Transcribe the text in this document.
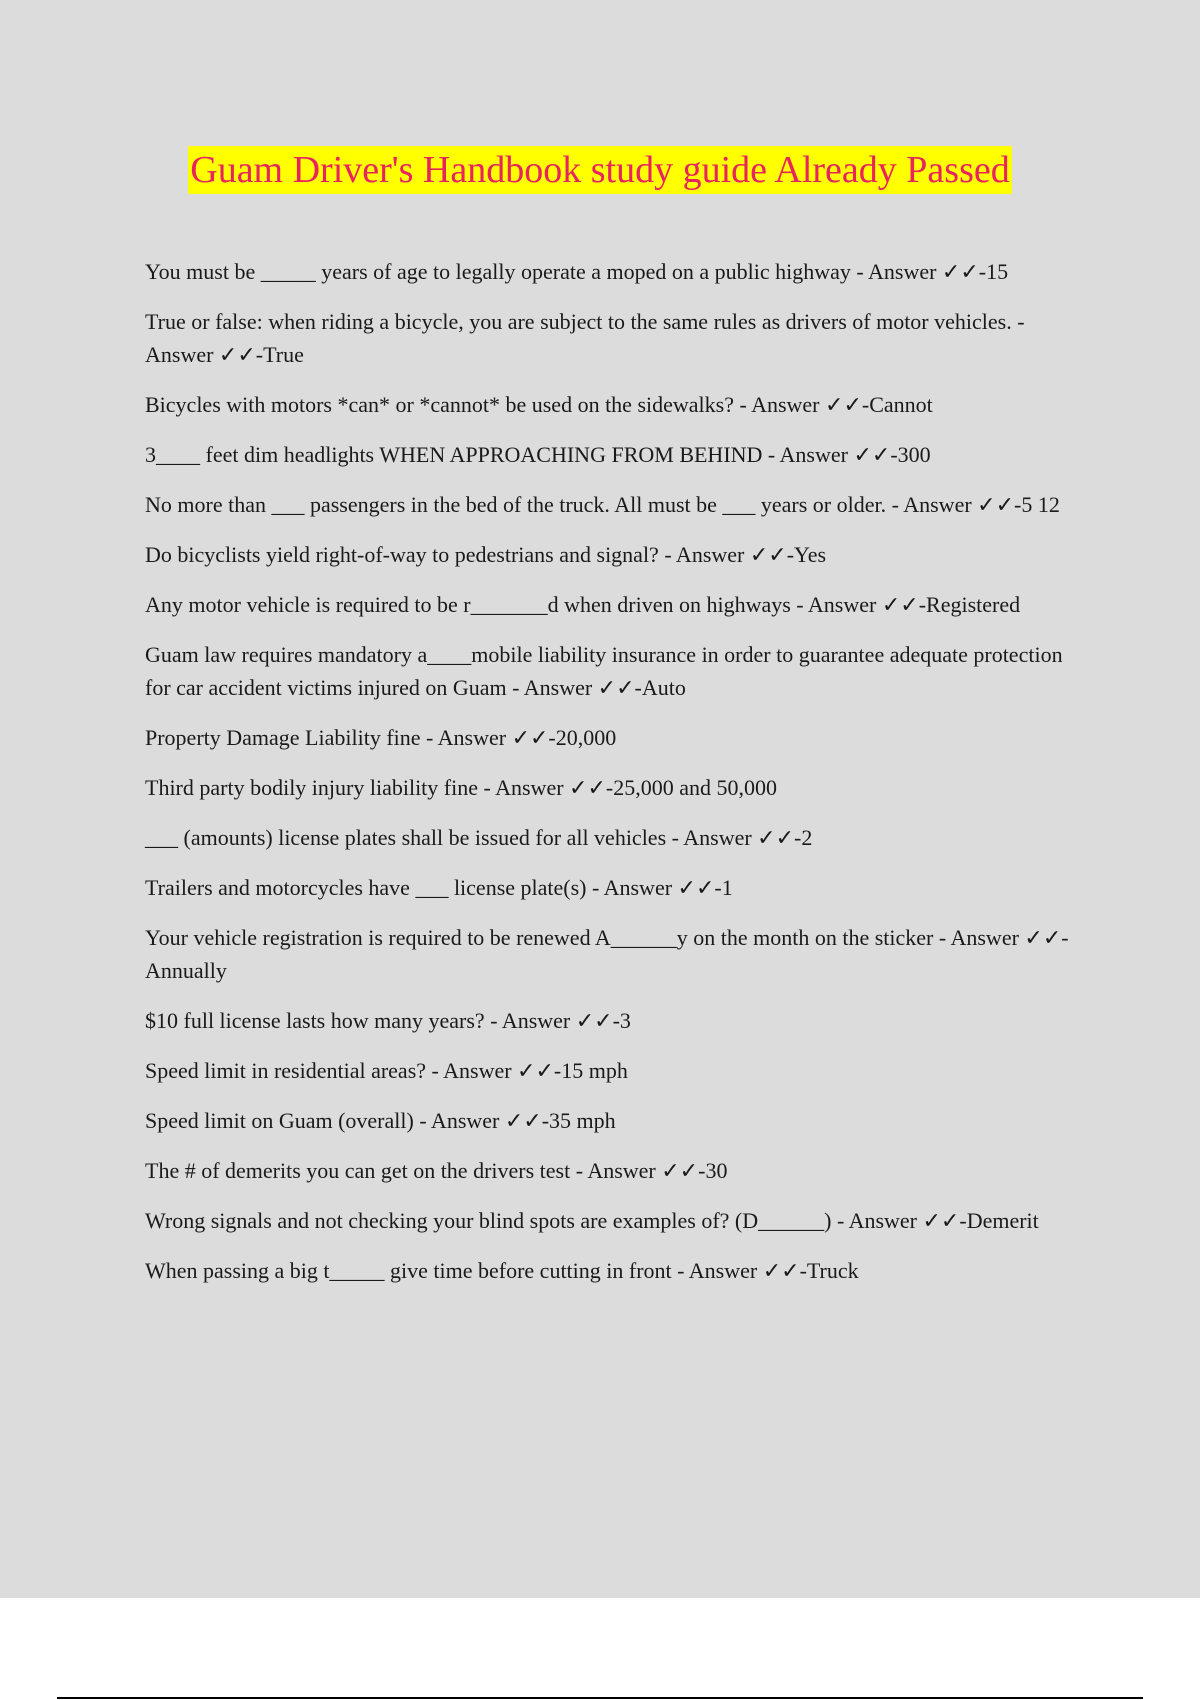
Guam Driver's Handbook study guide Already Passed
You must be _____ years of age to legally operate a moped on a public highway - Answer ✓✓-15
True or false: when riding a bicycle, you are subject to the same rules as drivers of motor vehicles. - Answer ✓✓-True
Bicycles with motors *can* or *cannot* be used on the sidewalks? - Answer ✓✓-Cannot
3____ feet dim headlights WHEN APPROACHING FROM BEHIND - Answer ✓✓-300
No more than ___ passengers in the bed of the truck. All must be ___ years or older. - Answer ✓✓-5 12
Do bicyclists yield right-of-way to pedestrians and signal? - Answer ✓✓-Yes
Any motor vehicle is required to be r_______d when driven on highways - Answer ✓✓-Registered
Guam law requires mandatory a____mobile liability insurance in order to guarantee adequate protection for car accident victims injured on Guam - Answer ✓✓-Auto
Property Damage Liability fine - Answer ✓✓-20,000
Third party bodily injury liability fine - Answer ✓✓-25,000 and 50,000
___ (amounts) license plates shall be issued for all vehicles - Answer ✓✓-2
Trailers and motorcycles have ___ license plate(s) - Answer ✓✓-1
Your vehicle registration is required to be renewed A______y on the month on the sticker - Answer ✓✓-Annually
$10 full license lasts how many years? - Answer ✓✓-3
Speed limit in residential areas? - Answer ✓✓-15 mph
Speed limit on Guam (overall) - Answer ✓✓-35 mph
The # of demerits you can get on the drivers test - Answer ✓✓-30
Wrong signals and not checking your blind spots are examples of? (D______) - Answer ✓✓-Demerit
When passing a big t_____ give time before cutting in front - Answer ✓✓-Truck
